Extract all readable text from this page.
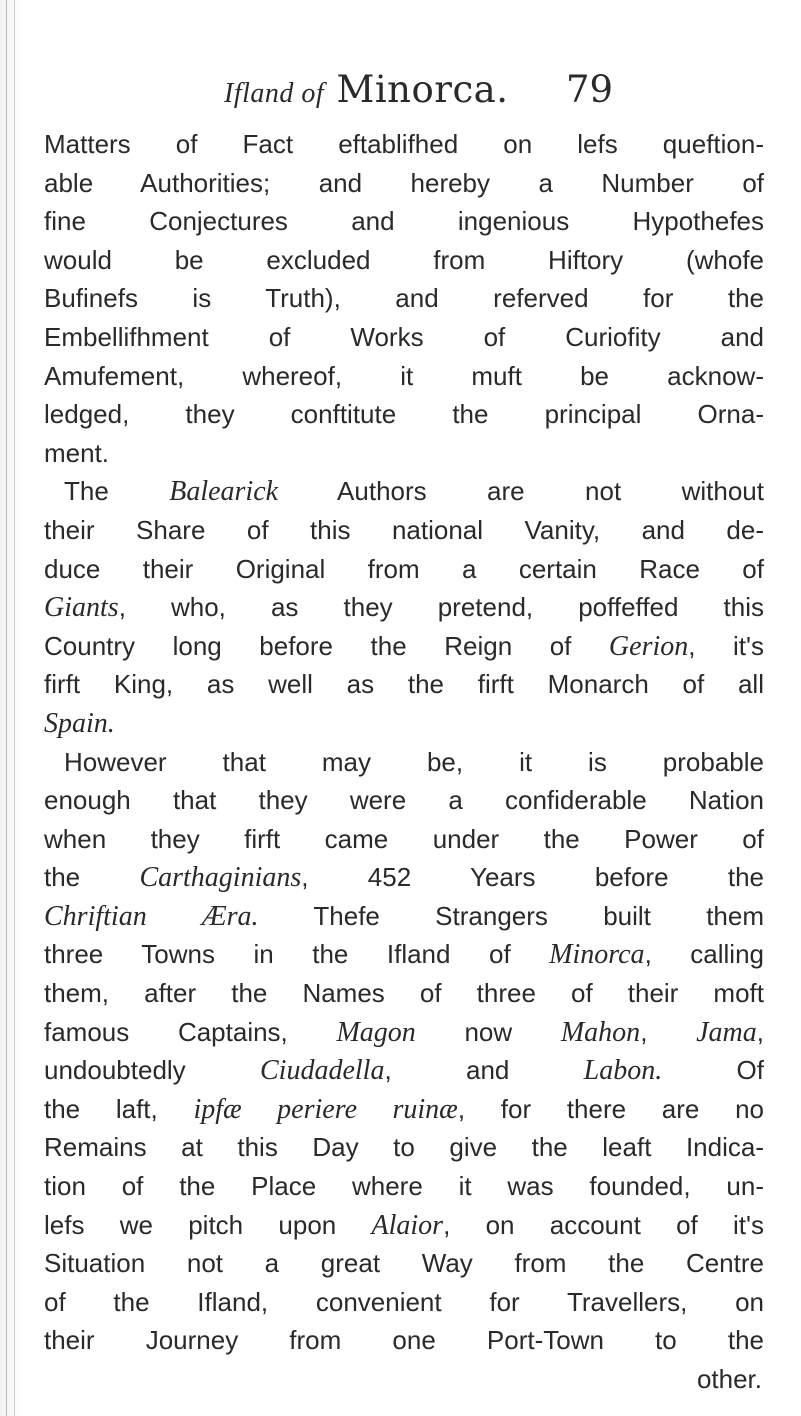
Ifland of Minorca. 79
Matters of Fact eftablifhed on lefs queftion-
able Authorities; and hereby a Number of
fine Conjectures and ingenious Hypothefes
would be excluded from Hiftory (whofe
Bufinefs is Truth), and referved for the
Embellifhment of Works of Curiofity and
Amufement, whereof, it muft be acknow-
ledged, they conftitute the principal Orna-
ment.
The Balearick Authors are not without
their Share of this national Vanity, and de-
duce their Original from a certain Race of
Giants, who, as they pretend, poffeffed this
Country long before the Reign of Gerion, it's
firft King, as well as the firft Monarch of all
Spain.
However that may be, it is probable
enough that they were a confiderable Nation
when they firft came under the Power of
the Carthaginians, 452 Years before the
Chriftian Æra. Thefe Strangers built them
three Towns in the Ifland of Minorca, calling
them, after the Names of three of their moft
famous Captains, Magon now Mahon, Jama,
undoubtedly Ciudadella, and Labon. Of
the laft, ipfæ periere ruinæ, for there are no
Remains at this Day to give the leaft Indica-
tion of the Place where it was founded, un-
lefs we pitch upon Alaior, on account of it's
Situation not a great Way from the Centre
of the Ifland, convenient for Travellers, on
their Journey from one Port-Town to the
other.
